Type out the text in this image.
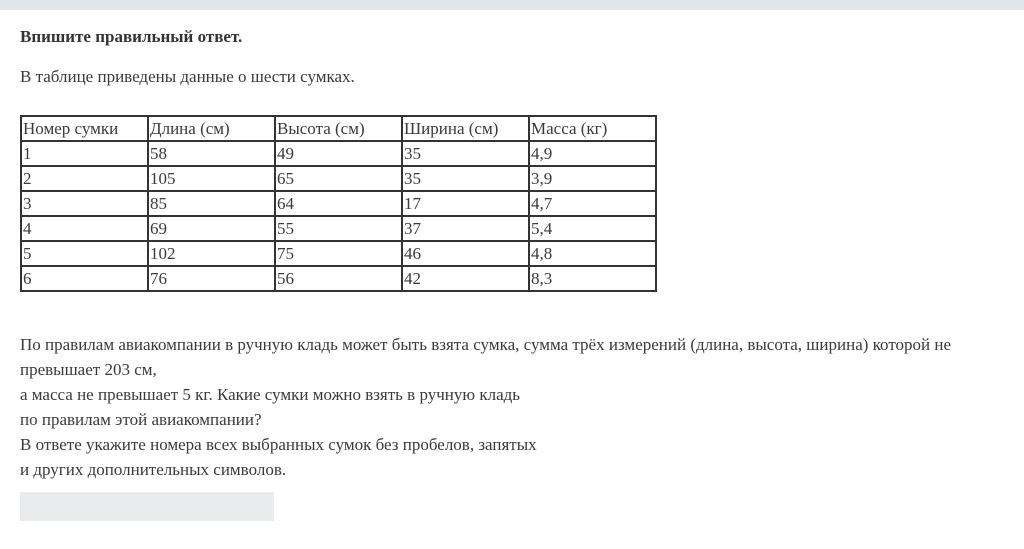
Впишите правильный ответ.

В таблице приведены данные о шести сумках.

Номер сумки	Длина (см)	Высота (см)	Ширина (см)	Масса (кг)
1	58	49	35	4,9
2	105	65	35	3,9
3	85	64	17	4,7
4	69	55	37	5,4
5	102	75	46	4,8
6	76	56	42	8,3
По правилам авиакомпании в ручную кладь может быть взята сумка, сумма трёх измерений (длина, высота, ширина) которой не превышает 203 см,
а масса не превышает 5 кг. Какие сумки можно взять в ручную кладь
по правилам этой авиакомпании?
В ответе укажите номера всех выбранных сумок без пробелов, запятых
и других дополнительных символов.
